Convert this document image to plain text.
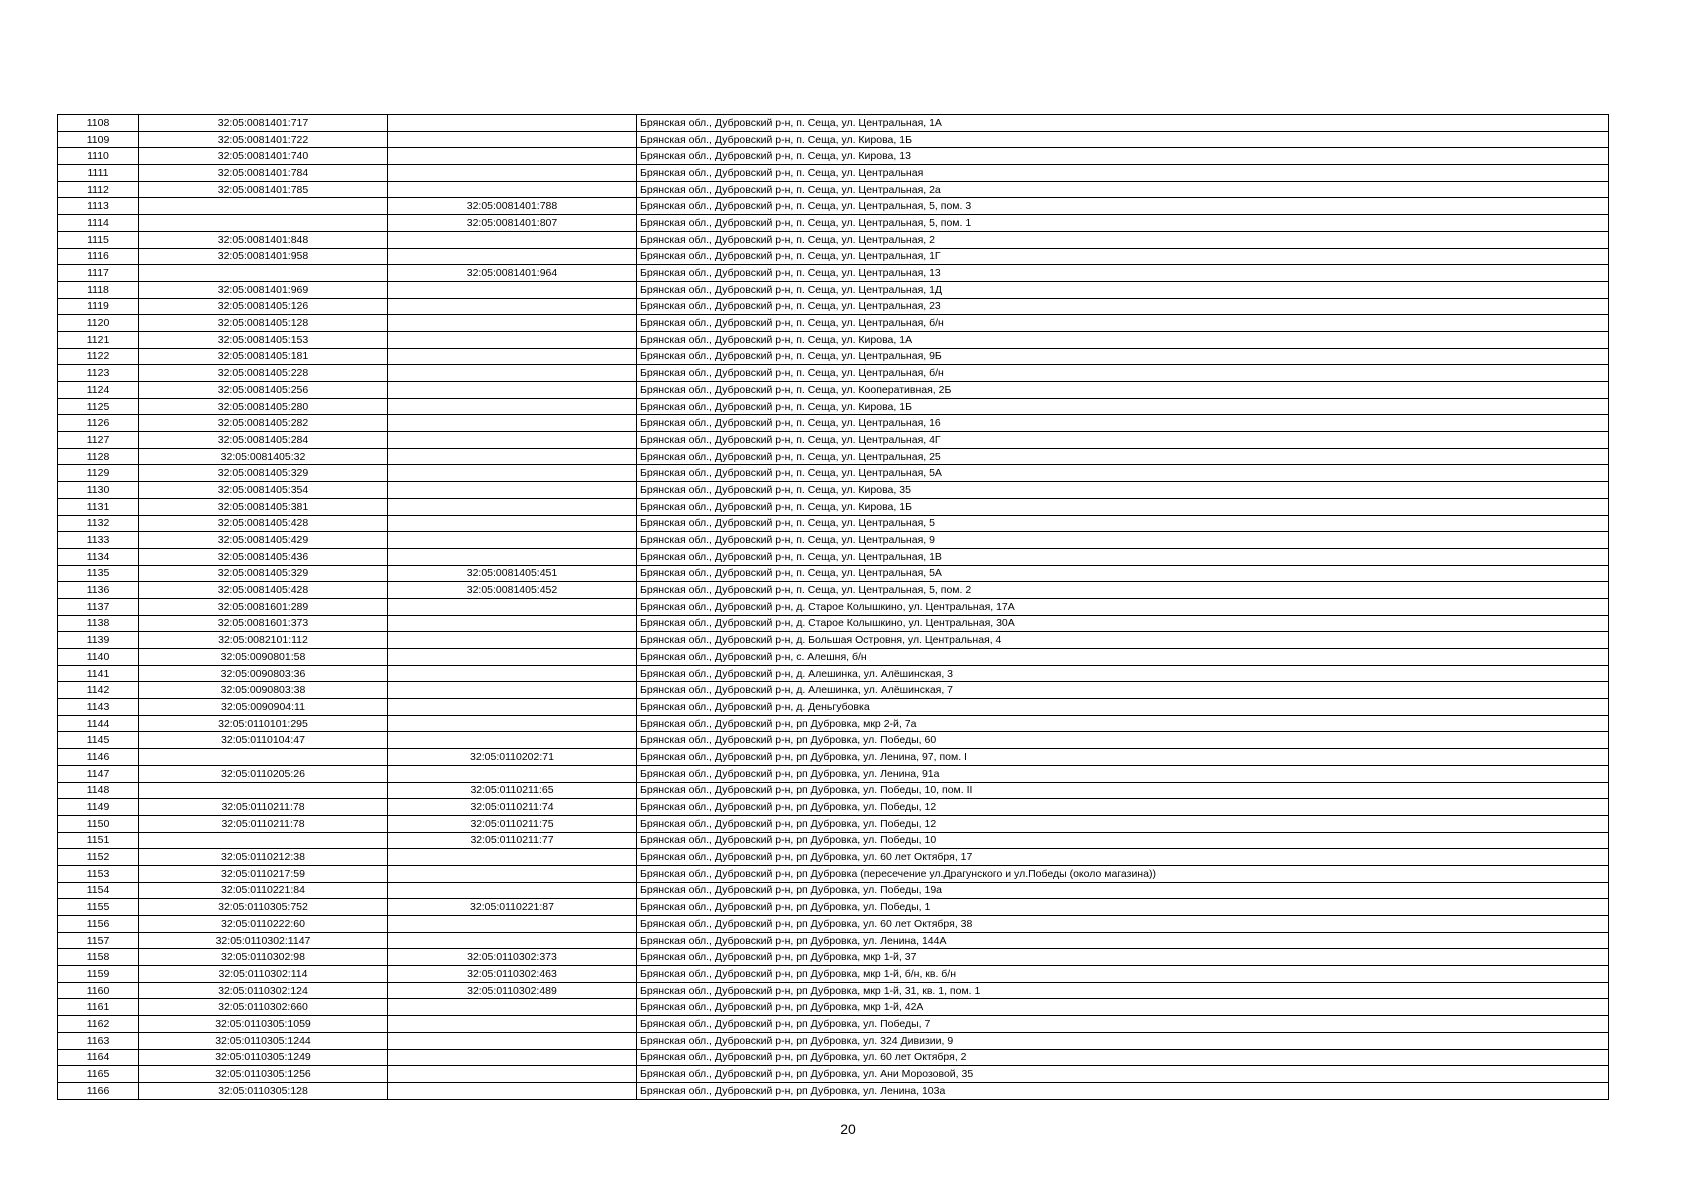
1108	32:05:0081401:717		Брянская обл., Дубровский р-н, п. Сеща, ул. Центральная, 1А
1109	32:05:0081401:722		Брянская обл., Дубровский р-н, п. Сеща, ул. Кирова, 1Б
1110	32:05:0081401:740		Брянская обл., Дубровский р-н, п. Сеща, ул. Кирова, 13
1111	32:05:0081401:784		Брянская обл., Дубровский р-н, п. Сеща, ул. Центральная
1112	32:05:0081401:785		Брянская обл., Дубровский р-н, п. Сеща, ул. Центральная, 2а
1113		32:05:0081401:788	Брянская обл., Дубровский р-н, п. Сеща, ул. Центральная, 5, пом. 3
1114		32:05:0081401:807	Брянская обл., Дубровский р-н, п. Сеща, ул. Центральная, 5, пом. 1
1115	32:05:0081401:848		Брянская обл., Дубровский р-н, п. Сеща, ул. Центральная, 2
1116	32:05:0081401:958		Брянская обл., Дубровский р-н, п. Сеща, ул. Центральная, 1Г
1117		32:05:0081401:964	Брянская обл., Дубровский р-н, п. Сеща, ул. Центральная, 13
1118	32:05:0081401:969		Брянская обл., Дубровский р-н, п. Сеща, ул. Центральная, 1Д
1119	32:05:0081405:126		Брянская обл., Дубровский р-н, п. Сеща, ул. Центральная, 23
1120	32:05:0081405:128		Брянская обл., Дубровский р-н, п. Сеща, ул. Центральная, б/н
1121	32:05:0081405:153		Брянская обл., Дубровский р-н, п. Сеща, ул. Кирова, 1А
1122	32:05:0081405:181		Брянская обл., Дубровский р-н, п. Сеща, ул. Центральная, 9Б
1123	32:05:0081405:228		Брянская обл., Дубровский р-н, п. Сеща, ул. Центральная, б/н
1124	32:05:0081405:256		Брянская обл., Дубровский р-н, п. Сеща, ул. Кооперативная, 2Б
1125	32:05:0081405:280		Брянская обл., Дубровский р-н, п. Сеща, ул. Кирова, 1Б
1126	32:05:0081405:282		Брянская обл., Дубровский р-н, п. Сеща, ул. Центральная, 16
1127	32:05:0081405:284		Брянская обл., Дубровский р-н, п. Сеща, ул. Центральная, 4Г
1128	32:05:0081405:32		Брянская обл., Дубровский р-н, п. Сеща, ул. Центральная, 25
1129	32:05:0081405:329		Брянская обл., Дубровский р-н, п. Сеща, ул. Центральная, 5А
1130	32:05:0081405:354		Брянская обл., Дубровский р-н, п. Сеща, ул. Кирова, 35
1131	32:05:0081405:381		Брянская обл., Дубровский р-н, п. Сеща, ул. Кирова, 1Б
1132	32:05:0081405:428		Брянская обл., Дубровский р-н, п. Сеща, ул. Центральная, 5
1133	32:05:0081405:429		Брянская обл., Дубровский р-н, п. Сеща, ул. Центральная, 9
1134	32:05:0081405:436		Брянская обл., Дубровский р-н, п. Сеща, ул. Центральная, 1В
1135	32:05:0081405:329	32:05:0081405:451	Брянская обл., Дубровский р-н, п. Сеща, ул. Центральная, 5А
1136	32:05:0081405:428	32:05:0081405:452	Брянская обл., Дубровский р-н, п. Сеща, ул. Центральная, 5, пом. 2
1137	32:05:0081601:289		Брянская обл., Дубровский р-н, д. Старое Колышкино, ул. Центральная, 17А
1138	32:05:0081601:373		Брянская обл., Дубровский р-н, д. Старое Колышкино, ул. Центральная, 30А
1139	32:05:0082101:112		Брянская обл., Дубровский р-н, д. Большая Островня, ул. Центральная, 4
1140	32:05:0090801:58		Брянская обл., Дубровский р-н, с. Алешня, б/н
1141	32:05:0090803:36		Брянская обл., Дубровский р-н, д. Алешинка, ул. Алёшинская, 3
1142	32:05:0090803:38		Брянская обл., Дубровский р-н, д. Алешинка, ул. Алёшинская, 7
1143	32:05:0090904:11		Брянская обл., Дубровский р-н, д. Деньгубовка
1144	32:05:0110101:295		Брянская обл., Дубровский р-н, рп Дубровка, мкр 2-й, 7а
1145	32:05:0110104:47		Брянская обл., Дубровский р-н, рп Дубровка, ул. Победы, 60
1146		32:05:0110202:71	Брянская обл., Дубровский р-н, рп Дубровка, ул. Ленина, 97, пом. I
1147	32:05:0110205:26		Брянская обл., Дубровский р-н, рп Дубровка, ул. Ленина, 91а
1148		32:05:0110211:65	Брянская обл., Дубровский р-н, рп Дубровка, ул. Победы, 10, пом. II
1149	32:05:0110211:78	32:05:0110211:74	Брянская обл., Дубровский р-н, рп Дубровка, ул. Победы, 12
1150	32:05:0110211:78	32:05:0110211:75	Брянская обл., Дубровский р-н, рп Дубровка, ул. Победы, 12
1151		32:05:0110211:77	Брянская обл., Дубровский р-н, рп Дубровка, ул. Победы, 10
1152	32:05:0110212:38		Брянская обл., Дубровский р-н, рп Дубровка, ул. 60 лет Октября, 17
1153	32:05:0110217:59		Брянская обл., Дубровский р-н, рп Дубровка (пересечение ул.Драгунского и ул.Победы (около магазина))
1154	32:05:0110221:84		Брянская обл., Дубровский р-н, рп Дубровка, ул. Победы, 19а
1155	32:05:0110305:752	32:05:0110221:87	Брянская обл., Дубровский р-н, рп Дубровка, ул. Победы, 1
1156	32:05:0110222:60		Брянская обл., Дубровский р-н, рп Дубровка, ул. 60 лет Октября, 38
1157	32:05:0110302:1147		Брянская обл., Дубровский р-н, рп Дубровка, ул. Ленина, 144А
1158	32:05:0110302:98	32:05:0110302:373	Брянская обл., Дубровский р-н, рп Дубровка, мкр 1-й, 37
1159	32:05:0110302:114	32:05:0110302:463	Брянская обл., Дубровский р-н, рп Дубровка, мкр 1-й, б/н, кв. б/н
1160	32:05:0110302:124	32:05:0110302:489	Брянская обл., Дубровский р-н, рп Дубровка, мкр 1-й, 31, кв. 1, пом. 1
1161	32:05:0110302:660		Брянская обл., Дубровский р-н, рп Дубровка, мкр 1-й, 42А
1162	32:05:0110305:1059		Брянская обл., Дубровский р-н, рп Дубровка, ул. Победы, 7
1163	32:05:0110305:1244		Брянская обл., Дубровский р-н, рп Дубровка, ул. 324 Дивизии, 9
1164	32:05:0110305:1249		Брянская обл., Дубровский р-н, рп Дубровка, ул. 60 лет Октября, 2
1165	32:05:0110305:1256		Брянская обл., Дубровский р-н, рп Дубровка, ул. Ани Морозовой, 35
1166	32:05:0110305:128		Брянская обл., Дубровский р-н, рп Дубровка, ул. Ленина, 103а
20
